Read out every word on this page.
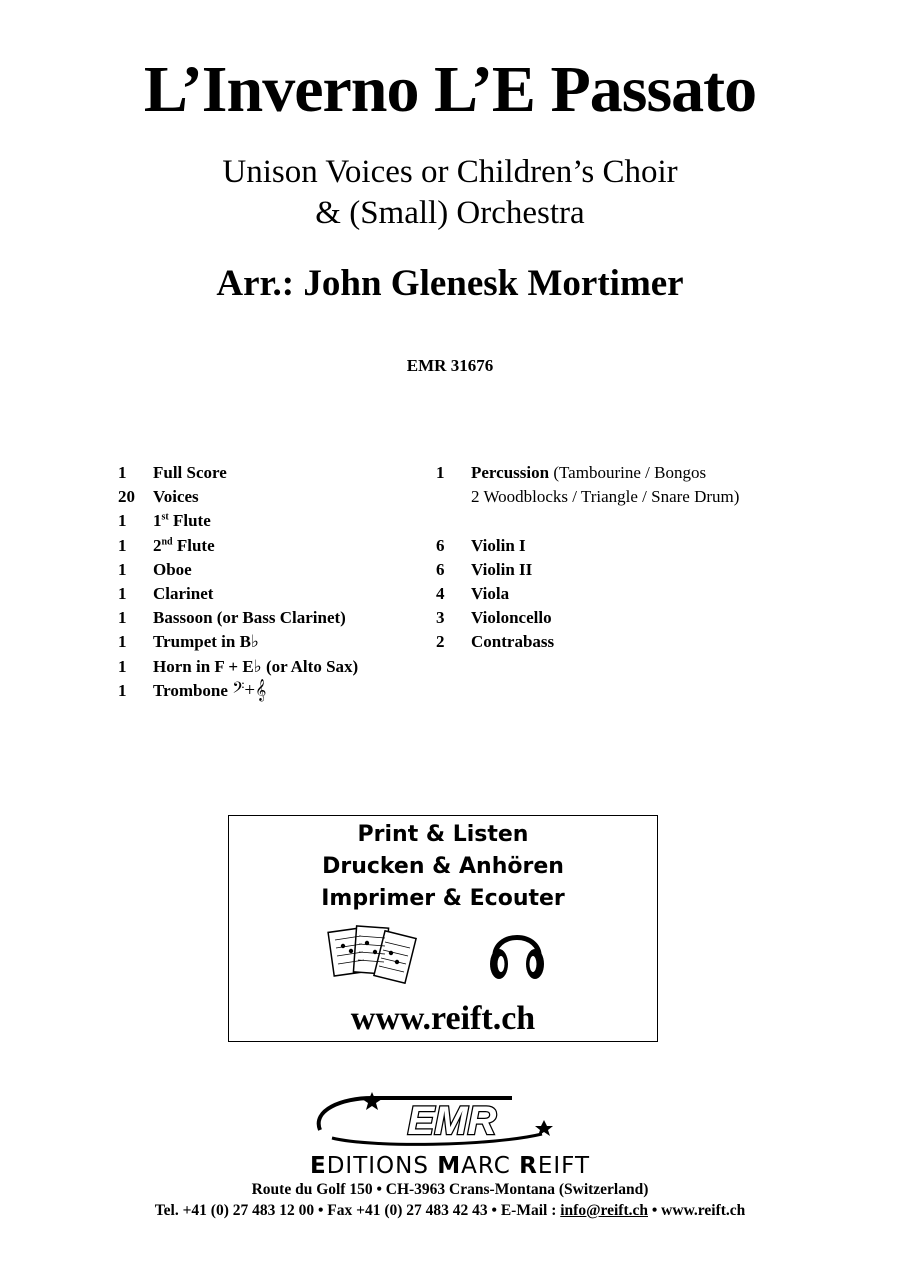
L’Inverno L’E Passato

Unison Voices or Children’s Choir

& (Small) Orchestra

Arr.: John Glenesk Mortimer

EMR 31676

1 Full Score
20 Voices
1 1st Flute
1 2nd Flute
1 Oboe
1 Clarinet
1 Bassoon (or Bass Clarinet)
1 Trumpet in B♭
1 Horn in F + E♭ (or Alto Sax)
1 Trombone 𝄢+𝄞
1 Percussion (Tambourine / Bongos
2 Woodblocks / Triangle / Snare Drum)
6 Violin I
6 Violin II
4 Viola
3 Violoncello
2 Contrabass

Print & Listen

Drucken & Anhören

Imprimer & Ecouter

www.reift.ch
EMR

EDITIONS MARC REIFT

Route du Golf 150 • CH-3963 Crans-Montana (Switzerland)

Tel. +41 (0) 27 483 12 00 • Fax +41 (0) 27 483 42 43 • E-Mail : info@reift.ch • www.reift.ch
